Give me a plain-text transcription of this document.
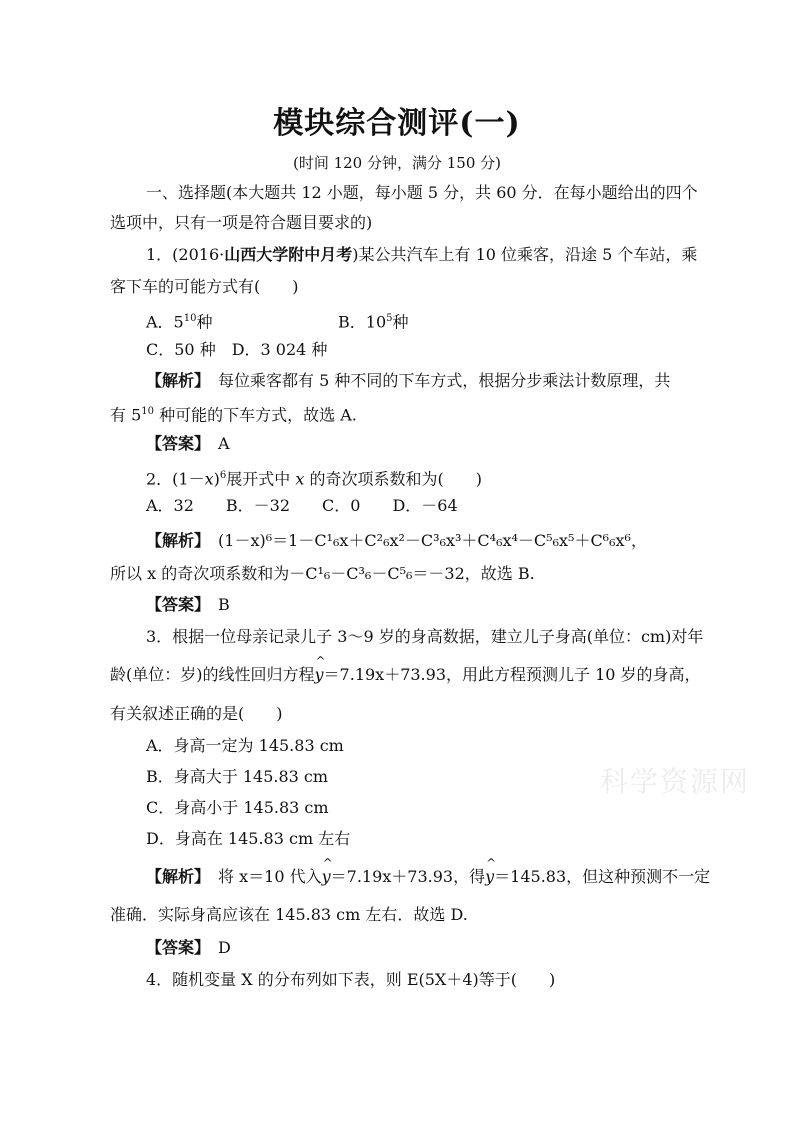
模块综合测评(一)
(时间 120 分钟，满分 150 分)
一、选择题(本大题共 12 小题，每小题 5 分，共 60 分．在每小题给出的四个
选项中，只有一项是符合题目要求的)
1．(2016·山西大学附中月考)某公共汽车上有 10 位乘客，沿途 5 个车站，乘
客下车的可能方式有(　　)
A．$5^{10}$种	B．$10^5$种
C．50 种　D．3 024 种
【解析】　 每位乘客都有 5 种不同的下车方式，根据分步乘法计数原理，共
有 $5^{10}$ 种可能的下车方式，故选 A.
【答案】　 A
2．$(1-x)^6$展开式中 x 的奇次项系数和为(　　)
A．32　　B．－32　　C．0　　D．－64
【解析】　 (1－x)⁶＝1－C¹₆x＋C²₆x²－C³₆x³＋C⁴₆x⁴－C⁵₆x⁵＋C⁶₆x⁶，
所以 x 的奇次项系数和为－C¹₆－C³₆－C⁵₆＝－32，故选 B.
【答案】　 B
3．根据一位母亲记录儿子 3～9 岁的身高数据，建立儿子身高(单位：cm)对年
龄(单位：岁)的线性回归方程
^
y＝7.19x＋73.93，用此方程预测儿子 10 岁的身高，
有关叙述正确的是(　　)
A．身高一定为 145.83 cm
B．身高大于 145.83 cm
C．身高小于 145.83 cm
D．身高在 145.83 cm 左右
【解析】　 将 x＝10 代入
^
y＝7.19x＋73.93，得
^
y＝145.83，但这种预测不一定
准确．实际身高应该在 145.83 cm 左右．故选 D.
【答案】　 D
4．随机变量 X 的分布列如下表，则 E(5X＋4)等于(　　)
科学资源网
